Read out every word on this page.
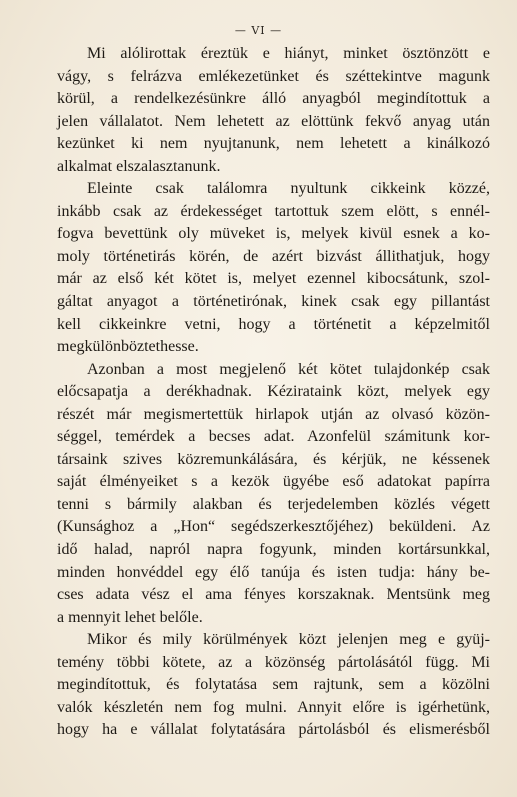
— VI —
Mi alólirottak éreztük e hiányt, minket ösztönzött e
vágy, s felrázva emlékezetünket és széttekintve magunk
körül, a rendelkezésünkre álló anyagból megindítottuk a
jelen vállalatot. Nem lehetett az elöttünk fekvő anyag után
kezünket ki nem nyujtanunk, nem lehetett a kinálkozó
alkalmat elszalasztanunk.
Eleinte csak találomra nyultunk cikkeink közzé,
inkább csak az érdekességet tartottuk szem elött, s ennél-
fogva bevettünk oly müveket is, melyek kivül esnek a ko-
moly történetirás körén, de azért bizvást állithatjuk, hogy
már az első két kötet is, melyet ezennel kibocsátunk, szol-
gáltat anyagot a történetirónak, kinek csak egy pillantást
kell cikkeinkre vetni, hogy a történetit a képzelmitől
megkülönböztethesse.
Azonban a most megjelenő két kötet tulajdonkép csak
előcsapatja a derékhadnak. Kézirataink közt, melyek egy
részét már megismertettük hirlapok utján az olvasó közön-
séggel, temérdek a becses adat. Azonfelül számitunk kor-
társaink szives közremunkálására, és kérjük, ne késsenek
saját élményeiket s a kezök ügyébe eső adatokat papírra
tenni s bármily alakban és terjedelemben közlés végett
(Kunsághoz a „Hon“ segédszerkesztőjéhez) beküldeni. Az
idő halad, napról napra fogyunk, minden kortársunkkal,
minden honvéddel egy élő tanúja és isten tudja: hány be-
cses adata vész el ama fényes korszaknak. Mentsünk meg
a mennyit lehet belőle.
Mikor és mily körülmények közt jelenjen meg e gyüj-
temény többi kötete, az a közönség pártolásától függ. Mi
megindítottuk, és folytatása sem rajtunk, sem a közölni
valók készletén nem fog mulni. Annyit előre is igérhetünk,
hogy ha e vállalat folytatására pártolásból és elismerésből
